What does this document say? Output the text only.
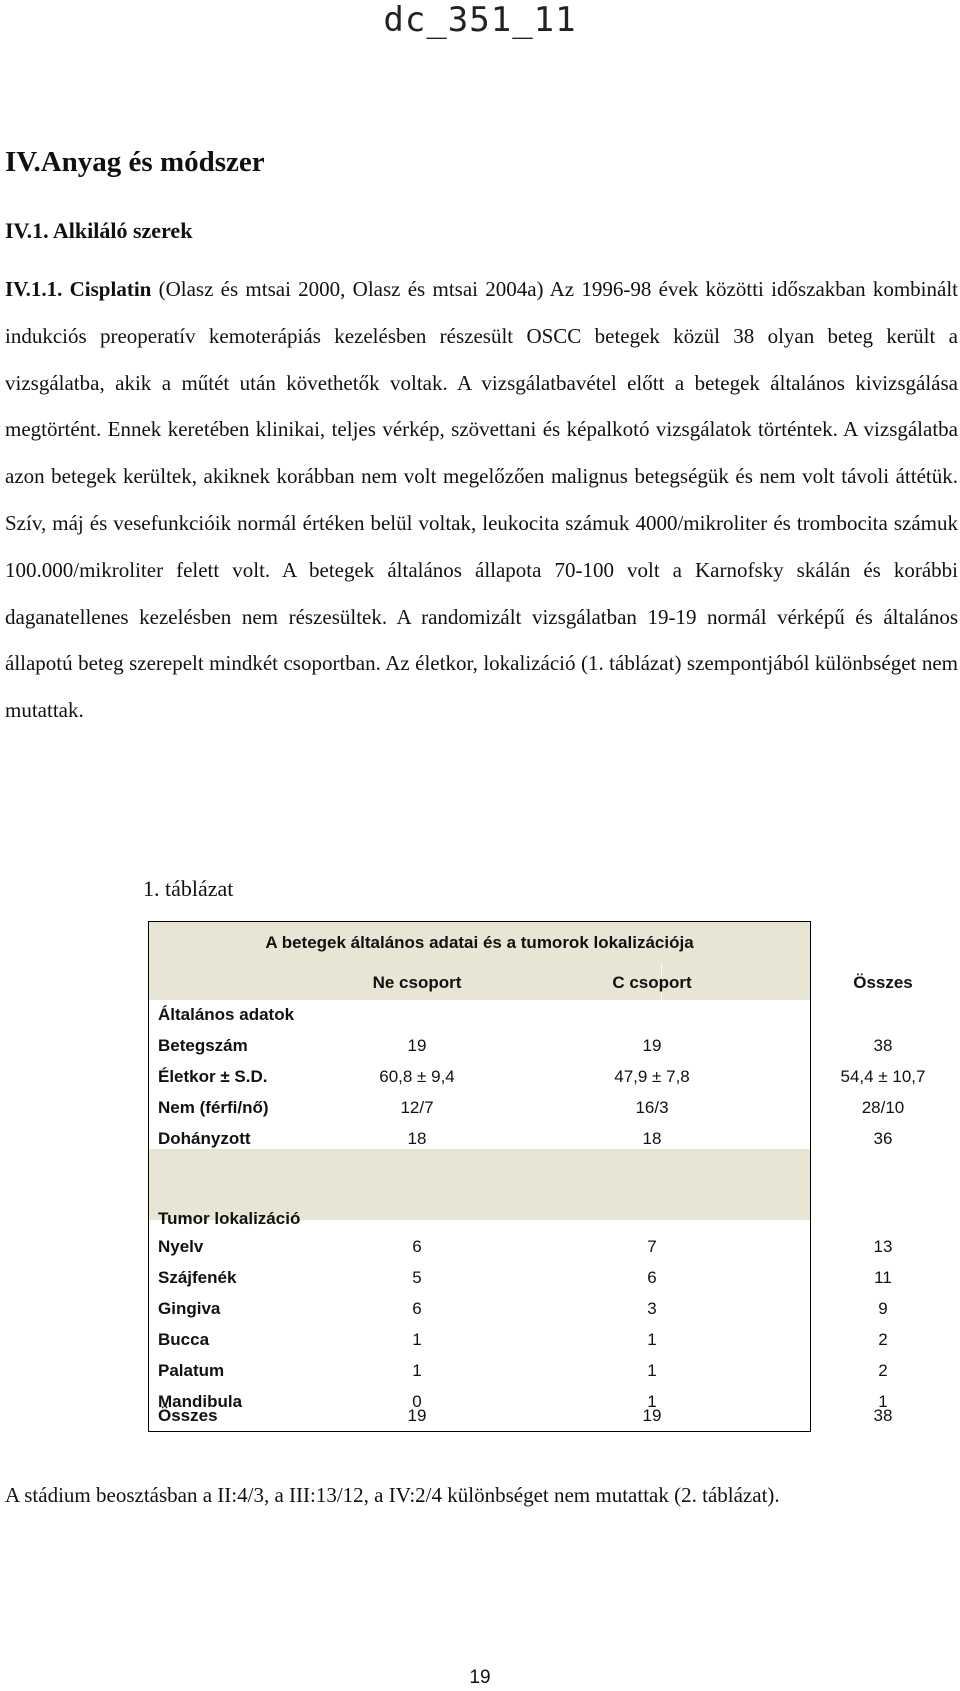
dc_351_11
IV.Anyag és módszer
IV.1. Alkiláló szerek
IV.1.1. Cisplatin (Olasz és mtsai 2000, Olasz és mtsai 2004a) Az 1996-98 évek közötti időszakban kombinált indukciós preoperatív kemoterápiás kezelésben részesült OSCC betegek közül 38 olyan beteg került a vizsgálatba, akik a műtét után követhetők voltak. A vizsgálatbavétel előtt a betegek általános kivizsgálása megtörtént. Ennek keretében klinikai, teljes vérkép, szövettani és képalkotó vizsgálatok történtek. A vizsgálatba azon betegek kerültek, akiknek korábban nem volt megelőzően malignus betegségük és nem volt távoli áttétük. Szív, máj és vesefunkcióik normál értéken belül voltak, leukocita számuk 4000/mikroliter és trombocita számuk 100.000/mikroliter felett volt. A betegek általános állapota 70-100 volt a Karnofsky skálán és korábbi daganatellenes kezelésben nem részesültek. A randomizált vizsgálatban 19-19 normál vérképű és általános állapotú beteg szerepelt mindkét csoportban. Az életkor, lokalizáció (1. táblázat) szempontjából különbséget nem mutattak.
1. táblázat
A betegek általános adatai és a tumorok lokalizációja
Ne csoport	C csoport	Összes
Általános adatok
Betegszám	19	19	38
Életkor ± S.D.	60,8 ± 9,4	47,9 ± 7,8	54,4 ± 10,7
Nem (férfi/nő)	12/7	16/3	28/10
Dohányzott	18	18	36
Tumor lokalizáció
Nyelv	6	7	13
Szájfenék	5	6	11
Gingiva	6	3	9
Bucca	1	1	2
Palatum	1	1	2
Mandibula	0	1	1
Összes	19	19	38
A stádium beosztásban a II:4/3, a III:13/12, a IV:2/4 különbséget nem mutattak (2. táblázat).
19
